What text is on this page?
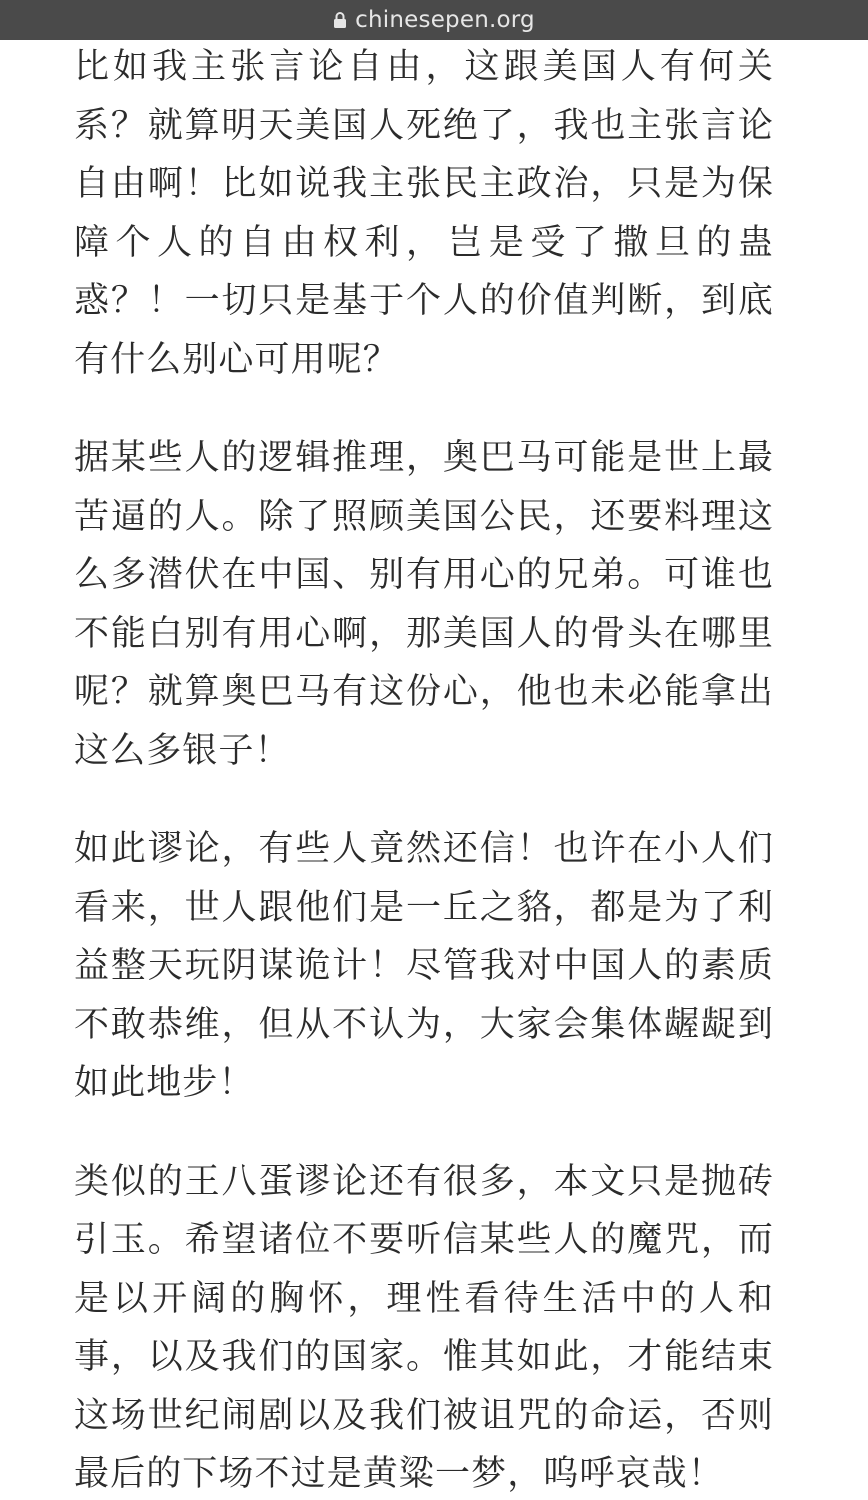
chinesepen.org

比如我主张言论自由，这跟美国人有何关系？就算明天美国人死绝了，我也主张言论自由啊！比如说我主张民主政治，只是为保障个人的自由权利，岂是受了撒旦的蛊惑？！一切只是基于个人的价值判断，到底有什么别心可用呢？

据某些人的逻辑推理，奥巴马可能是世上最苦逼的人。除了照顾美国公民，还要料理这么多潜伏在中国、别有用心的兄弟。可谁也不能白别有用心啊，那美国人的骨头在哪里呢？就算奥巴马有这份心，他也未必能拿出这么多银子！

如此谬论，有些人竟然还信！也许在小人们看来，世人跟他们是一丘之貉，都是为了利益整天玩阴谋诡计！尽管我对中国人的素质不敢恭维，但从不认为，大家会集体龌龊到如此地步！

类似的王八蛋谬论还有很多，本文只是抛砖引玉。希望诸位不要听信某些人的魔咒，而是以开阔的胸怀，理性看待生活中的人和事，以及我们的国家。惟其如此，才能结束这场世纪闹剧以及我们被诅咒的命运，否则最后的下场不过是黄粱一梦，呜呼哀哉！
